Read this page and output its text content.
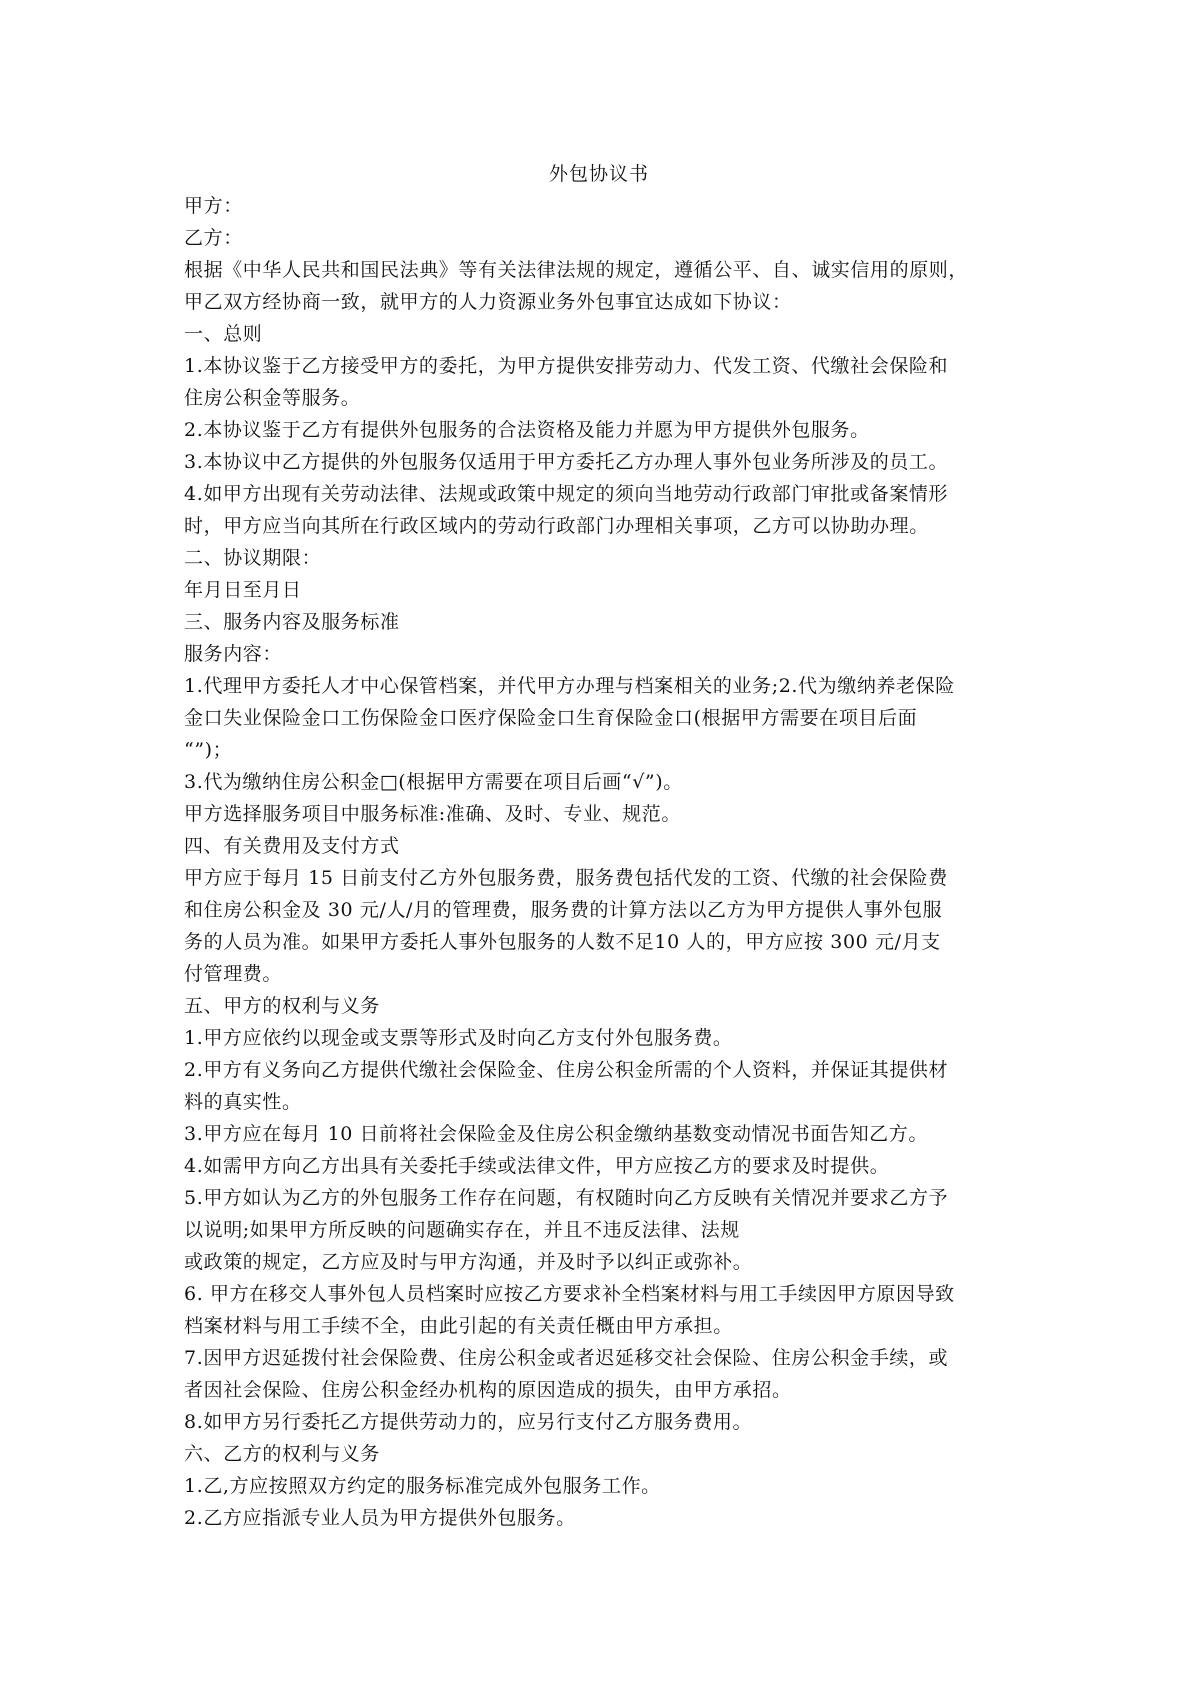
外包协议书

甲方：

乙方：

根据《中华人民共和国民法典》等有关法律法规的规定，遵循公平、自、诚实信用的原则，

甲乙双方经协商一致，就甲方的人力资源业务外包事宜达成如下协议：

一、总则

1.本协议鉴于乙方接受甲方的委托，为甲方提供安排劳动力、代发工资、代缴社会保险和

住房公积金等服务。

2.本协议鉴于乙方有提供外包服务的合法资格及能力并愿为甲方提供外包服务。

3.本协议中乙方提供的外包服务仅适用于甲方委托乙方办理人事外包业务所涉及的员工。

4.如甲方出现有关劳动法律、法规或政策中规定的须向当地劳动行政部门审批或备案情形

时，甲方应当向其所在行政区域内的劳动行政部门办理相关事项，乙方可以协助办理。

二、协议期限：

年月日至月日

三、服务内容及服务标准

服务内容：

1.代理甲方委托人才中心保管档案，并代甲方办理与档案相关的业务;2.代为缴纳养老保险

金口失业保险金口工伤保险金口医疗保险金口生育保险金口(根据甲方需要在项目后面

“”)；

3.代为缴纳住房公积金□(根据甲方需要在项目后画“√”)。

甲方选择服务项目中服务标准:准确、及时、专业、规范。

四、有关费用及支付方式

甲方应于每月 15 日前支付乙方外包服务费，服务费包括代发的工资、代缴的社会保险费

和住房公积金及 30 元/人/月的管理费，服务费的计算方法以乙方为甲方提供人事外包服

务的人员为准。如果甲方委托人事外包服务的人数不足10 人的，甲方应按 300 元/月支

付管理费。

五、甲方的权利与义务

1.甲方应依约以现金或支票等形式及时向乙方支付外包服务费。

2.甲方有义务向乙方提供代缴社会保险金、住房公积金所需的个人资料，并保证其提供材

料的真实性。

3.甲方应在每月 10 日前将社会保险金及住房公积金缴纳基数变动情况书面告知乙方。

4.如需甲方向乙方出具有关委托手续或法律文件，甲方应按乙方的要求及时提供。

5.甲方如认为乙方的外包服务工作存在问题，有权随时向乙方反映有关情况并要求乙方予

以说明;如果甲方所反映的问题确实存在，并且不违反法律、法规

或政策的规定，乙方应及时与甲方沟通，并及时予以纠正或弥补。

6. 甲方在移交人事外包人员档案时应按乙方要求补全档案材料与用工手续因甲方原因导致

档案材料与用工手续不全，由此引起的有关责任概由甲方承担。

7.因甲方迟延拨付社会保险费、住房公积金或者迟延移交社会保险、住房公积金手续，或

者因社会保险、住房公积金经办机构的原因造成的损失，由甲方承招。

8.如甲方另行委托乙方提供劳动力的，应另行支付乙方服务费用。

六、乙方的权利与义务

1.乙,方应按照双方约定的服务标准完成外包服务工作。

2.乙方应指派专业人员为甲方提供外包服务。
